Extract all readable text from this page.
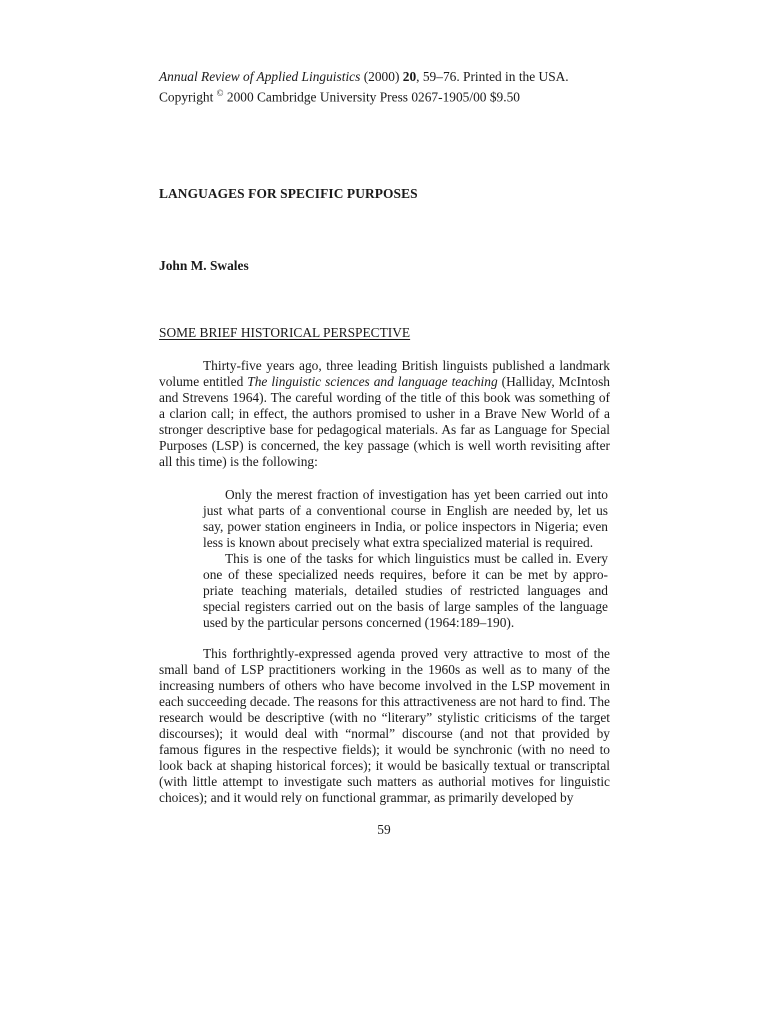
Annual Review of Applied Linguistics (2000) 20, 59–76. Printed in the USA.
Copyright © 2000 Cambridge University Press 0267-1905/00 $9.50
LANGUAGES FOR SPECIFIC PURPOSES
John M. Swales
SOME BRIEF HISTORICAL PERSPECTIVE

Thirty-five years ago, three leading British linguists published a landmark volume entitled The linguistic sciences and language teaching (Halliday, McIntosh and Strevens 1964). The careful wording of the title of this book was something of a clarion call; in effect, the authors promised to usher in a Brave New World of a stronger descriptive base for pedagogical materials. As far as Language for Special Purposes (LSP) is concerned, the key passage (which is well worth revisiting after all this time) is the following:

Only the merest fraction of investigation has yet been carried out into just what parts of a conventional course in English are needed by, let us say, power station engineers in India, or police inspectors in Nigeria; even less is known about precisely what extra specialized material is required.

This is one of the tasks for which linguistics must be called in. Every one of these specialized needs requires, before it can be met by appro-priate teaching materials, detailed studies of restricted languages and special registers carried out on the basis of large samples of the language used by the particular persons concerned (1964:189–190).

This forthrightly-expressed agenda proved very attractive to most of the small band of LSP practitioners working in the 1960s as well as to many of the increasing numbers of others who have become involved in the LSP movement in each succeeding decade. The reasons for this attractiveness are not hard to find. The research would be descriptive (with no “literary” stylistic criticisms of the target discourses); it would deal with “normal” discourse (and not that provided by famous figures in the respective fields); it would be synchronic (with no need to look back at shaping historical forces); it would be basically textual or transcriptal (with little attempt to investigate such matters as authorial motives for linguistic choices); and it would rely on functional grammar, as primarily developed by

59
